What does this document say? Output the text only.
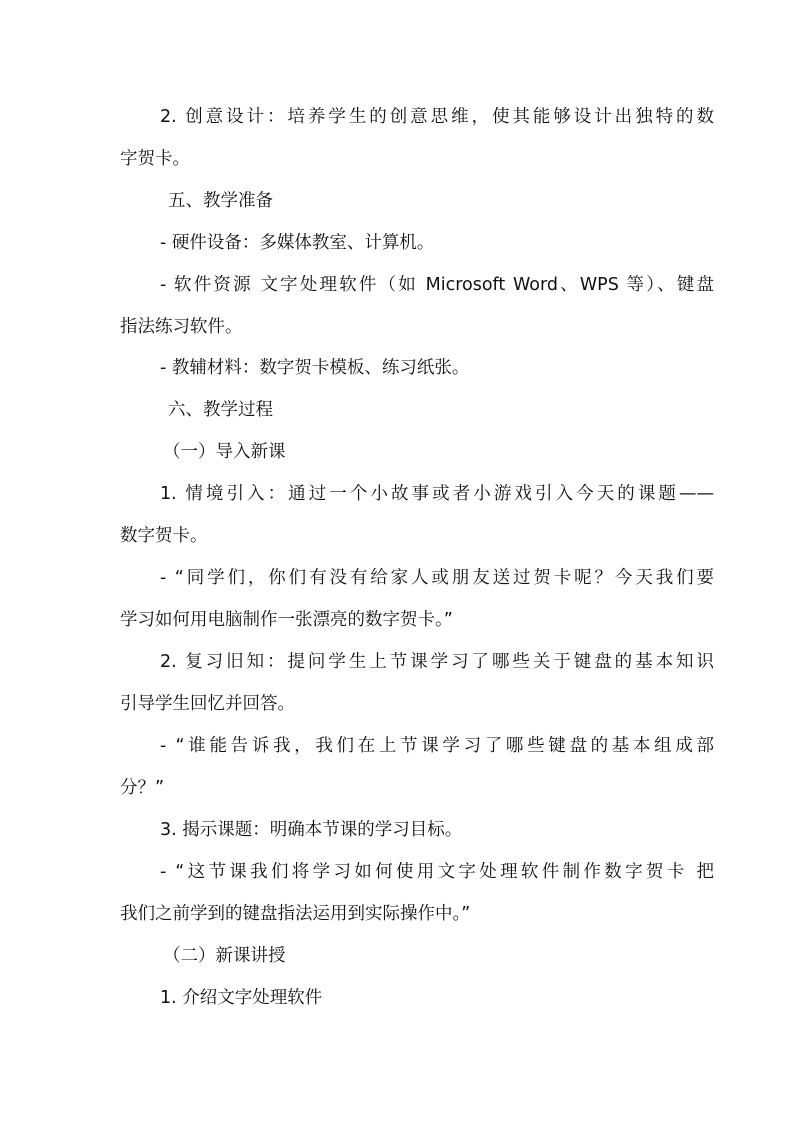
2. 创意设计：培养学生的创意思维，使其能够设计出独特的数
字贺卡。
五、教学准备
- 硬件设备：多媒体教室、计算机。
- 软件资源 文字处理软件（如 Microsoft Word、WPS 等）、键盘
指法练习软件。
- 教辅材料：数字贺卡模板、练习纸张。
六、教学过程
（一）导入新课
1. 情境引入：通过一个小故事或者小游戏引入今天的课题——
数字贺卡。
- “同学们，你们有没有给家人或朋友送过贺卡呢？今天我们要
学习如何用电脑制作一张漂亮的数字贺卡。”
2. 复习旧知：提问学生上节课学习了哪些关于键盘的基本知识
引导学生回忆并回答。
- “谁能告诉我，我们在上节课学习了哪些键盘的基本组成部
分？”
3. 揭示课题：明确本节课的学习目标。
- “这节课我们将学习如何使用文字处理软件制作数字贺卡 把
我们之前学到的键盘指法运用到实际操作中。”
（二）新课讲授
1. 介绍文字处理软件
